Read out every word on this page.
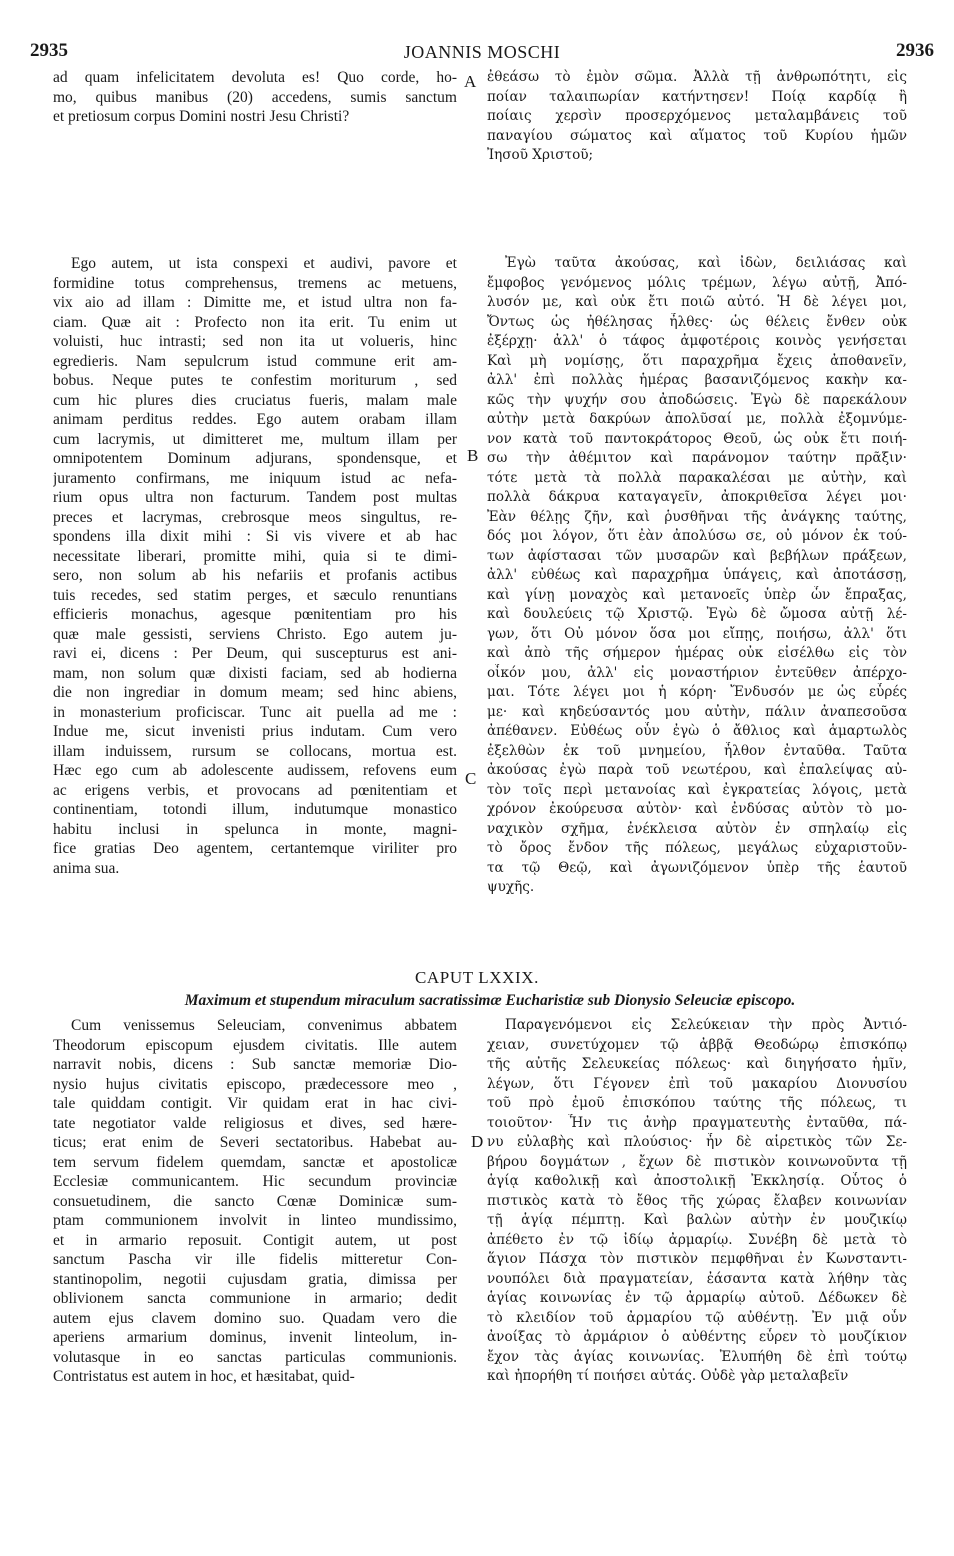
2935	JOANNIS MOSCHI	2936
ad quam infelicitatem devoluta es! Quo corde, ho-
mo, quibus manibus (20) accedens, sumis sanctum
et pretiosum corpus Domini nostri Jesu Christi?
ἐθεάσω τὸ ἐμὸν σῶμα. Ἀλλὰ τῇ ἀνθρωπότητι, εἰς
ποίαν ταλαιπωρίαν κατήντησεν! Ποίᾳ καρδίᾳ ἢ
ποίαις χερσὶν προσερχόμενος μεταλαμβάνεις τοῦ
παναγίου σώματος καὶ αἵματος τοῦ Κυρίου ἡμῶν
Ἰησοῦ Χριστοῦ;
Ego autem, ut ista conspexi et audivi, pavore et
formidine totus comprehensus, tremens ac metuens,
vix aio ad illam : Dimitte me, et istud ultra non fa-
ciam. Quæ ait : Profecto non ita erit. Tu enim ut
voluisti, huc intrasti; sed non ita ut volueris, hinc
egredieris. Nam sepulcrum istud commune erit am-
bobus. Neque putes te confestim moriturum , sed
cum hic plures dies cruciatus fueris, malam male
animam perditus reddes. Ego autem orabam illam
cum lacrymis, ut dimitteret me, multum illam per
omnipotentem Dominum adjurans, spondensque, et
juramento confirmans, me iniquum istud ac nefa-
rium opus ultra non facturum. Tandem post multas
preces et lacrymas, crebrosque meos singultus, re-
spondens illa dixit mihi : Si vis vivere et ab hac
necessitate liberari, promitte mihi, quia si te dimi-
sero, non solum ab his nefariis et profanis actibus
tuis recedes, sed statim perges, et sæculo renuntians
efficieris monachus, agesque pœnitentiam pro his
quæ male gessisti, serviens Christo. Ego autem ju-
ravi ei, dicens : Per Deum, qui suscepturus est ani-
mam, non solum quæ dixisti faciam, sed ab hodierna
die non ingrediar in domum meam; sed hinc abiens,
in monasterium proficiscar. Tunc ait puella ad me :
Indue me, sicut invenisti prius indutam. Cum vero
illam induissem, rursum se collocans, mortua est.
Hæc ego cum ab adolescente audissem, refovens eum
ac erigens verbis, et provocans ad pœnitentiam et
continentiam, totondi illum, indutumque monastico
habitu inclusi in spelunca in monte, magni-
fice gratias Deo agentem, certantemque viriliter pro
anima sua.
Ἐγὼ ταῦτα ἀκούσας, καὶ ἰδὼν, δειλιάσας καὶ
ἔμφοβος γενόμενος μόλις τρέμων, λέγω αὐτῇ, Ἀπό-
λυσόν με, καὶ οὐκ ἔτι ποιῶ αὐτό. Ἡ δὲ λέγει μοι,
Ὄντως ὡς ἠθέλησας ἦλθες· ὡς θέλεις ἔνθεν οὐκ
ἐξέρχῃ· ἀλλ' ὁ τάφος ἀμφοτέροις κοινὸς γενήσεται
Καὶ μὴ νομίσῃς, ὅτι παραχρῆμα ἔχεις ἀποθανεῖν,
ἀλλ' ἐπὶ πολλὰς ἡμέρας βασανιζόμενος κακὴν κα-
κῶς τὴν ψυχήν σου ἀποδώσεις. Ἐγὼ δὲ παρεκάλουν
αὐτὴν μετὰ δακρύων ἀπολῦσαί με, πολλὰ ἐξομνύμε-
νον κατὰ τοῦ παντοκράτορος Θεοῦ, ὡς οὐκ ἔτι ποιή-
σω τὴν ἀθέμιτον καὶ παράνομον ταύτην πρᾶξιν·
τότε μετὰ τὰ πολλὰ παρακαλέσαι με αὐτὴν, καὶ
πολλὰ δάκρυα καταγαγεῖν, ἀποκριθεῖσα λέγει μοι·
Ἐὰν θέλῃς ζῆν, καὶ ῥυσθῆναι τῆς ἀνάγκης ταύτης,
δός μοι λόγον, ὅτι ἐὰν ἀπολύσω σε, οὐ μόνον ἐκ τού-
των ἀφίστασαι τῶν μυσαρῶν καὶ βεβήλων πράξεων,
ἀλλ' εὐθέως καὶ παραχρῆμα ὑπάγεις, καὶ ἀποτάσσῃ,
καὶ γίνῃ μοναχὸς καὶ μετανοεῖς ὑπὲρ ὧν ἔπραξας,
καὶ δουλεύεις τῷ Χριστῷ. Ἐγὼ δὲ ὤμοσα αὐτῇ λέ-
γων, ὅτι Οὐ μόνον ὅσα μοι εἴπῃς, ποιήσω, ἀλλ' ὅτι
καὶ ἀπὸ τῆς σήμερον ἡμέρας οὐκ εἰσέλθω εἰς τὸν
οἶκόν μου, ἀλλ' εἰς μοναστήριον ἐντεῦθεν ἀπέρχο-
μαι. Τότε λέγει μοι ἡ κόρη· Ἔνδυσόν με ὡς εὗρές
με· καὶ κηδεύσαντός μου αὐτὴν, πάλιν ἀναπεσοῦσα
ἀπέθανεν. Εὐθέως οὖν ἐγὼ ὁ ἄθλιος καὶ ἁμαρτωλὸς
ἐξελθὼν ἐκ τοῦ μνημείου, ἦλθον ἐνταῦθα. Ταῦτα
ἀκούσας ἐγὼ παρὰ τοῦ νεωτέρου, καὶ ἐπαλείψας αὐ-
τὸν τοῖς περὶ μετανοίας καὶ ἐγκρατείας λόγοις, μετὰ
χρόνον ἐκούρευσα αὐτὸν· καὶ ἐνδύσας αὐτὸν τὸ μο-
ναχικὸν σχῆμα, ἐνέκλεισα αὐτὸν ἐν σπηλαίῳ εἰς
τὸ ὄρος ἔνδον τῆς πόλεως, μεγάλως εὐχαριστοῦν-
τα τῷ Θεῷ, καὶ ἀγωνιζόμενον ὑπὲρ τῆς ἑαυτοῦ
ψυχῆς.
A
B
C
D
CAPUT LXXIX.
Maximum et stupendum miraculum sacratissimæ Eucharistiæ sub Dionysio Seleuciæ episcopo.
Cum venissemus Seleuciam, convenimus abbatem
Theodorum episcopum ejusdem civitatis. Ille autem
narravit nobis, dicens : Sub sanctæ memoriæ Dio-
nysio hujus civitatis episcopo, prædecessore meo ,
tale quiddam contigit. Vir quidam erat in hac civi-
tate negotiator valde religiosus et dives, sed hære-
ticus; erat enim de Severi sectatoribus. Habebat au-
tem servum fidelem quemdam, sanctæ et apostolicæ
Ecclesiæ communicantem. Hic secundum provinciæ
consuetudinem, die sancto Cœnæ Dominicæ sum-
ptam communionem involvit in linteo mundissimo,
et in armario reposuit. Contigit autem, ut post
sanctum Pascha vir ille fidelis mitteretur Con-
stantinopolim, negotii cujusdam gratia, dimissa per
oblivionem sancta communione in armario; dedit
autem ejus clavem domino suo. Quadam vero die
aperiens armarium dominus, invenit linteolum, in-
volutasque in eo sanctas particulas communionis.
Contristatus est autem in hoc, et hæsitabat, quid-
Παραγενόμενοι εἰς Σελεύκειαν τὴν πρὸς Ἀντιό-
χειαν, συνετύχομεν τῷ ἀββᾷ Θεοδώρῳ ἐπισκόπῳ
τῆς αὐτῆς Σελευκείας πόλεως· καὶ διηγήσατο ἡμῖν,
λέγων, ὅτι Γέγονεν ἐπὶ τοῦ μακαρίου Διονυσίου
τοῦ πρὸ ἐμοῦ ἐπισκόπου ταύτης τῆς πόλεως, τι
τοιοῦτον· Ἦν τις ἀνὴρ πραγματευτὴς ἐνταῦθα, πά-
νυ εὐλαβὴς καὶ πλούσιος· ἦν δὲ αἱρετικὸς τῶν Σε-
βήρου δογμάτων , ἔχων δὲ πιστικὸν κοινωνοῦντα τῇ
ἁγίᾳ καθολικῇ καὶ ἀποστολικῇ Ἐκκλησίᾳ. Οὗτος ὁ
πιστικὸς κατὰ τὸ ἔθος τῆς χώρας ἔλαβεν κοινωνίαν
τῇ ἁγίᾳ πέμπτῃ. Καὶ βαλὼν αὐτὴν ἐν μουζικίῳ
ἀπέθετο ἐν τῷ ἰδίῳ ἀρμαρίῳ. Συνέβη δὲ μετὰ τὸ
ἅγιον Πάσχα τὸν πιστικὸν πεμφθῆναι ἐν Κωνσταντι-
νουπόλει διὰ πραγματείαν, ἐάσαντα κατὰ λήθην τὰς
ἁγίας κοινωνίας ἐν τῷ ἀρμαρίῳ αὐτοῦ. Δέδωκεν δὲ
τὸ κλειδίον τοῦ ἀρμαρίου τῷ αὐθέντῃ. Ἐν μιᾷ οὖν
ἀνοίξας τὸ ἀρμάριον ὁ αὐθέντης εὗρεν τὸ μουζίκιον
ἔχον τὰς ἁγίας κοινωνίας. Ἐλυπήθη δὲ ἐπὶ τούτῳ
καὶ ἠπορήθη τί ποιήσει αὐτάς. Οὐδὲ γὰρ μεταλαβεῖν
